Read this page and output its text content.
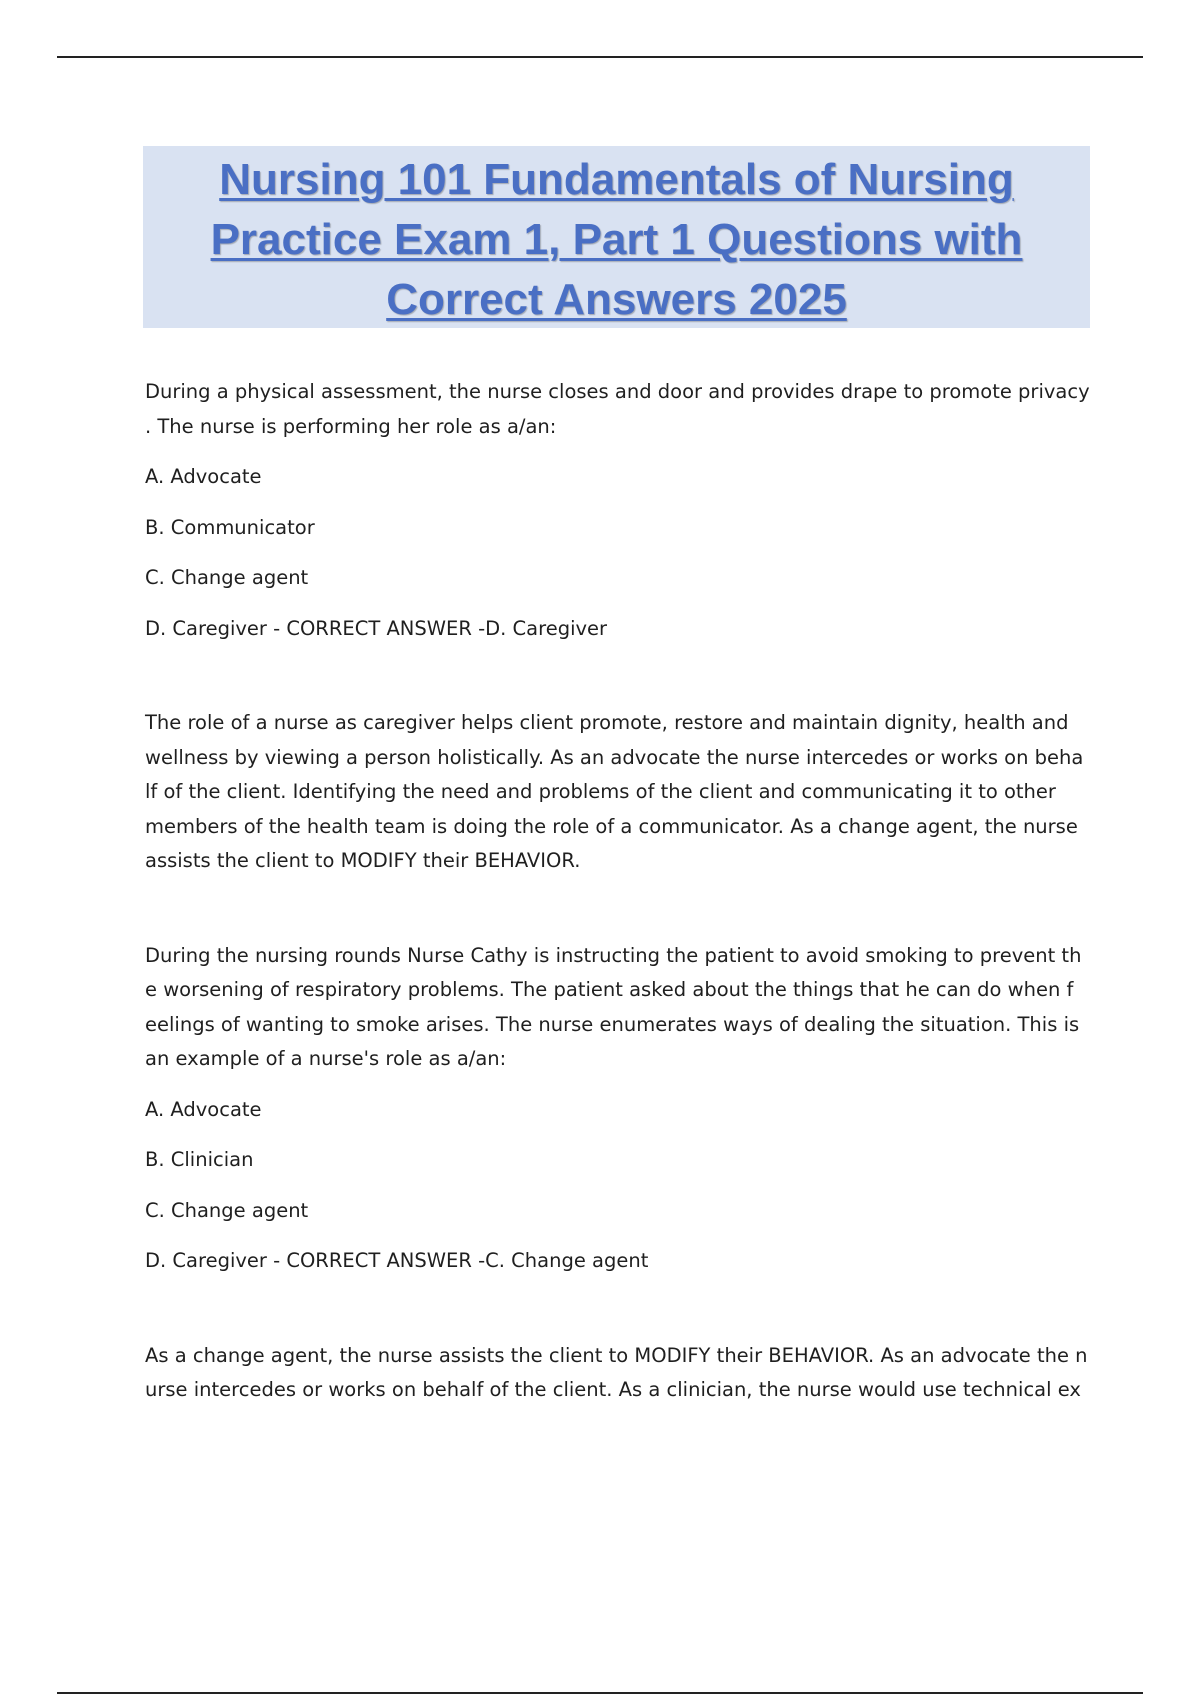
Nursing 101 Fundamentals of Nursing
Practice Exam 1, Part 1 Questions with
Correct Answers 2025

During a physical assessment, the nurse closes and door and provides drape to promote privacy

. The nurse is performing her role as a/an:

A. Advocate

B. Communicator

C. Change agent

D. Caregiver - CORRECT ANSWER -D. Caregiver

The role of a nurse as caregiver helps client promote, restore and maintain dignity, health and

wellness by viewing a person holistically. As an advocate the nurse intercedes or works on beha

lf of the client. Identifying the need and problems of the client and communicating it to other

members of the health team is doing the role of a communicator. As a change agent, the nurse

assists the client to MODIFY their BEHAVIOR.

During the nursing rounds Nurse Cathy is instructing the patient to avoid smoking to prevent th

e worsening of respiratory problems. The patient asked about the things that he can do when f

eelings of wanting to smoke arises. The nurse enumerates ways of dealing the situation. This is

an example of a nurse's role as a/an:

A. Advocate

B. Clinician

C. Change agent

D. Caregiver - CORRECT ANSWER -C. Change agent

As a change agent, the nurse assists the client to MODIFY their BEHAVIOR. As an advocate the n

urse intercedes or works on behalf of the client. As a clinician, the nurse would use technical ex
